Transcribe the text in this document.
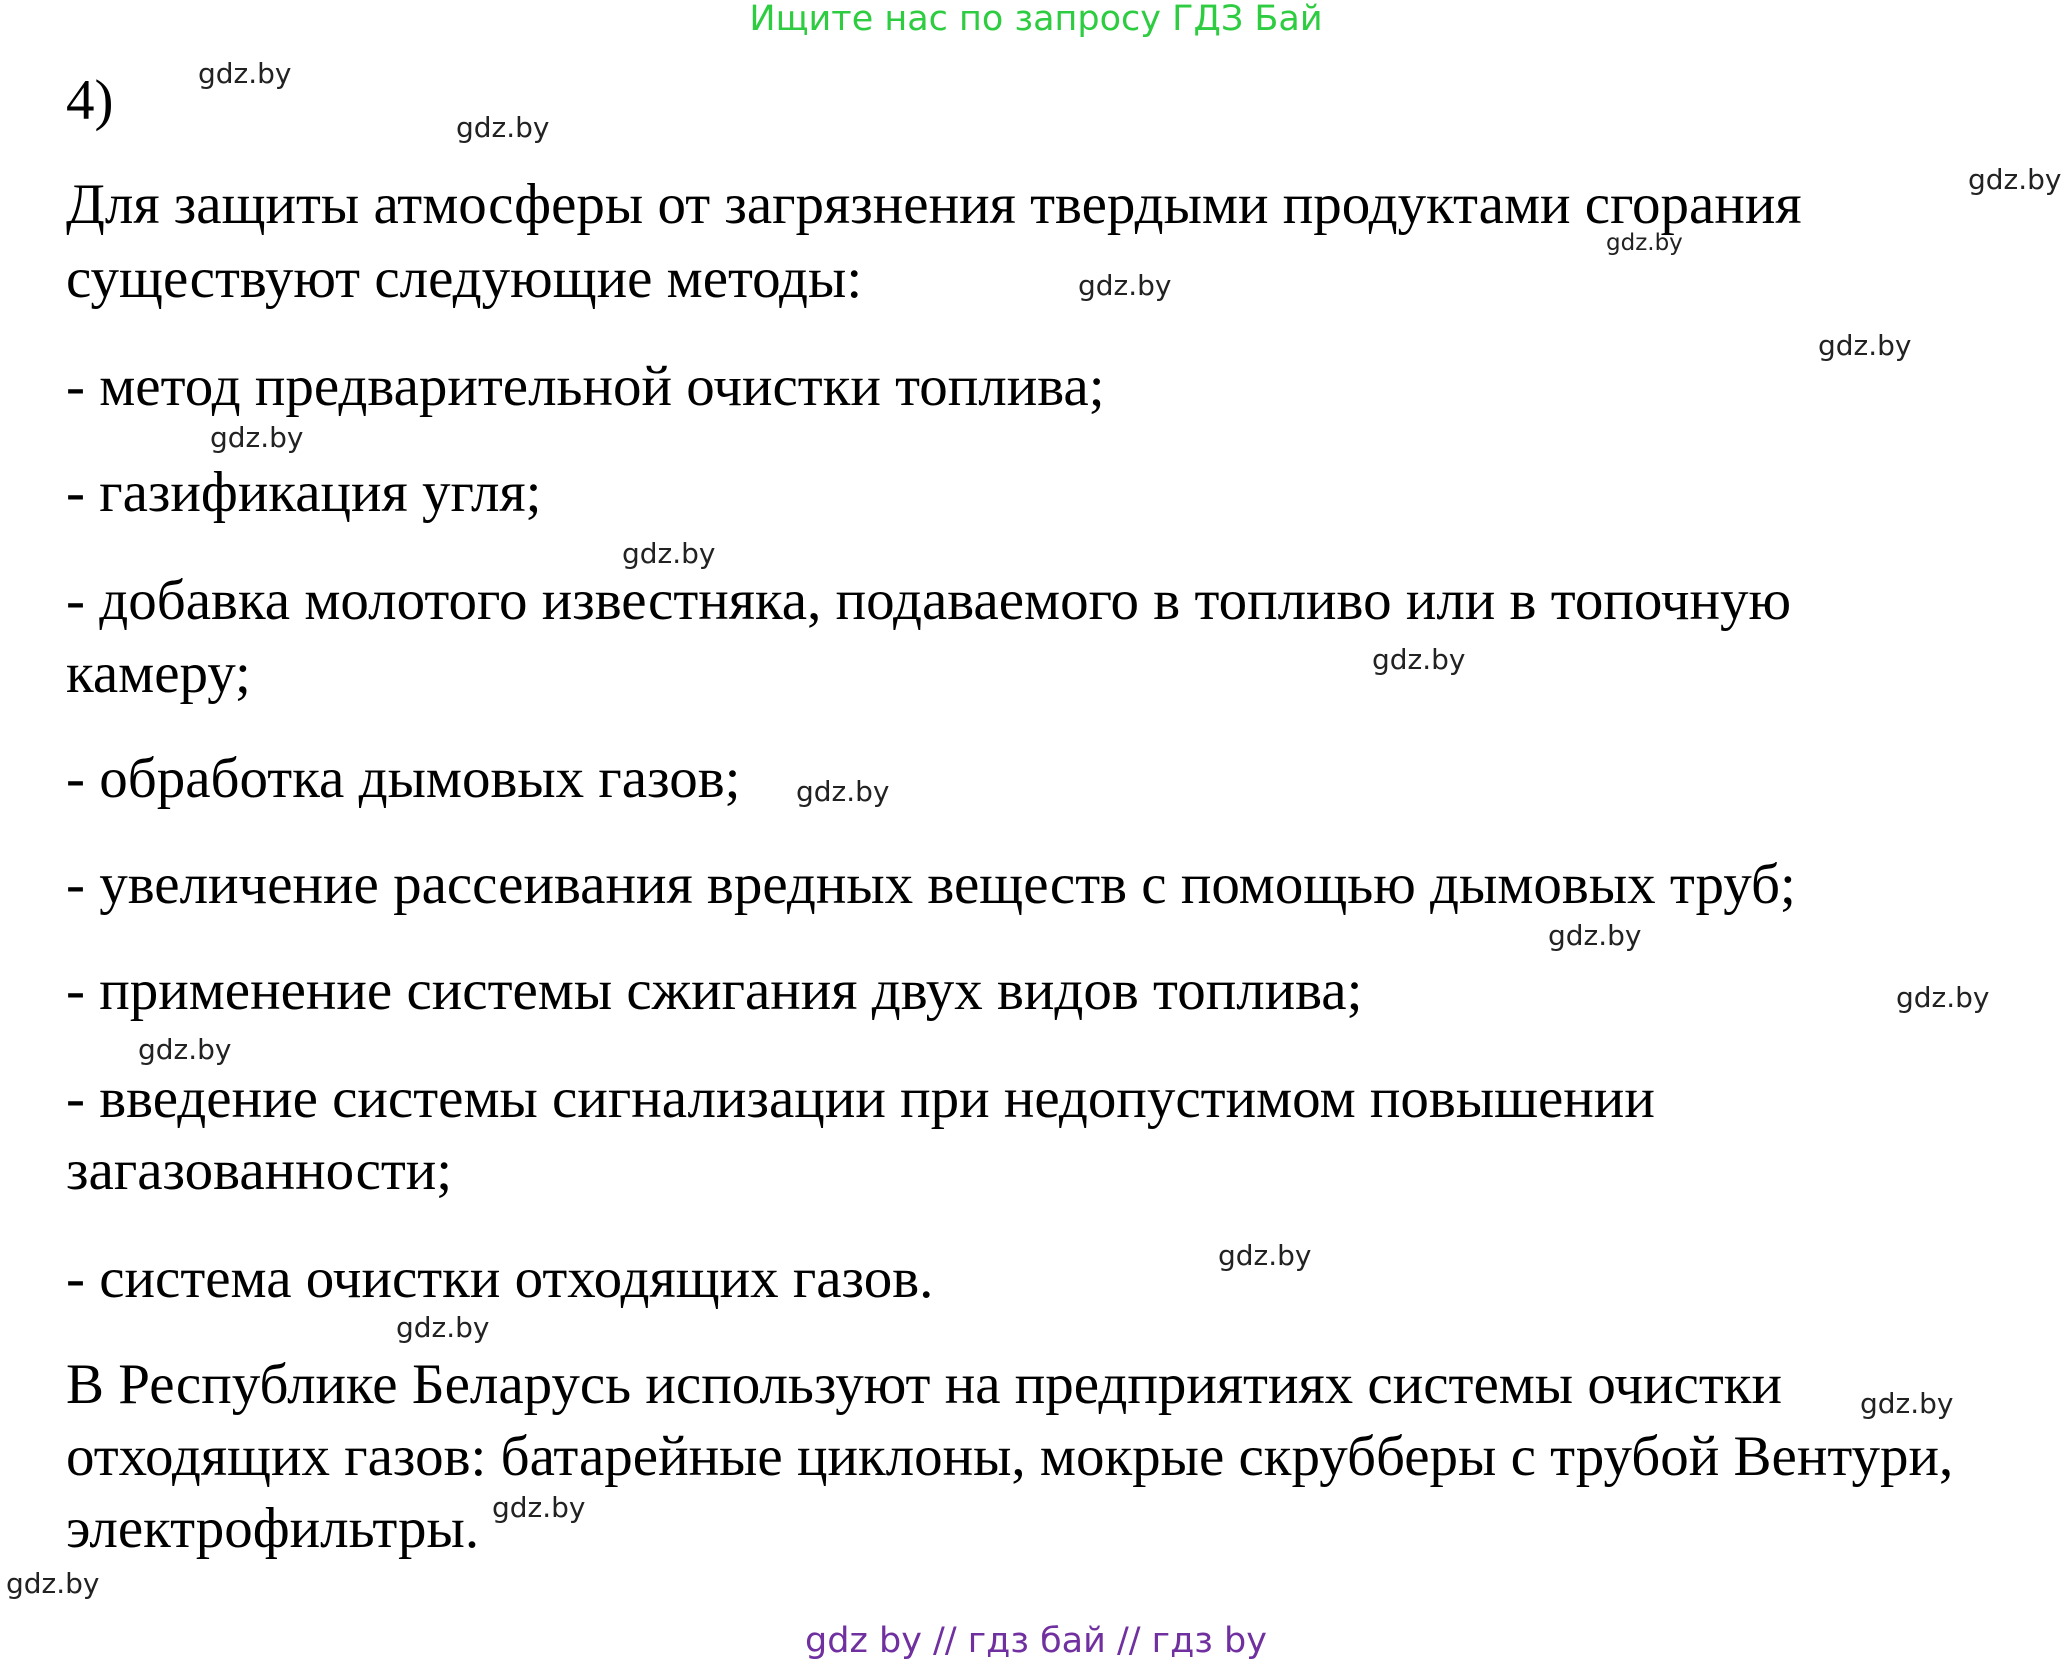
Ищите нас по запросу ГДЗ Бай
4)
Для защиты атмосферы от загрязнения твердыми продуктами сгорания
существуют следующие методы:
- метод предварительной очистки топлива;
- газификация угля;
- добавка молотого известняка, подаваемого в топливо или в топочную
камеру;
- обработка дымовых газов;
- увеличение рассеивания вредных веществ с помощью дымовых труб;
- применение системы сжигания двух видов топлива;
- введение системы сигнализации при недопустимом повышении
загазованности;
- система очистки отходящих газов.
В Республике Беларусь используют на предприятиях системы очистки
отходящих газов: батарейные циклоны, мокрые скрубберы с трубой Вентури,
электрофильтры.
gdz.by
gdz.by
gdz.by
gdz.by
gdz.by
gdz.by
gdz.by
gdz.by
gdz.by
gdz.by
gdz.by
gdz.by
gdz.by
gdz.by
gdz.by
gdz.by
gdz.by
gdz.by
gdz by // гдз бай // гдз by
